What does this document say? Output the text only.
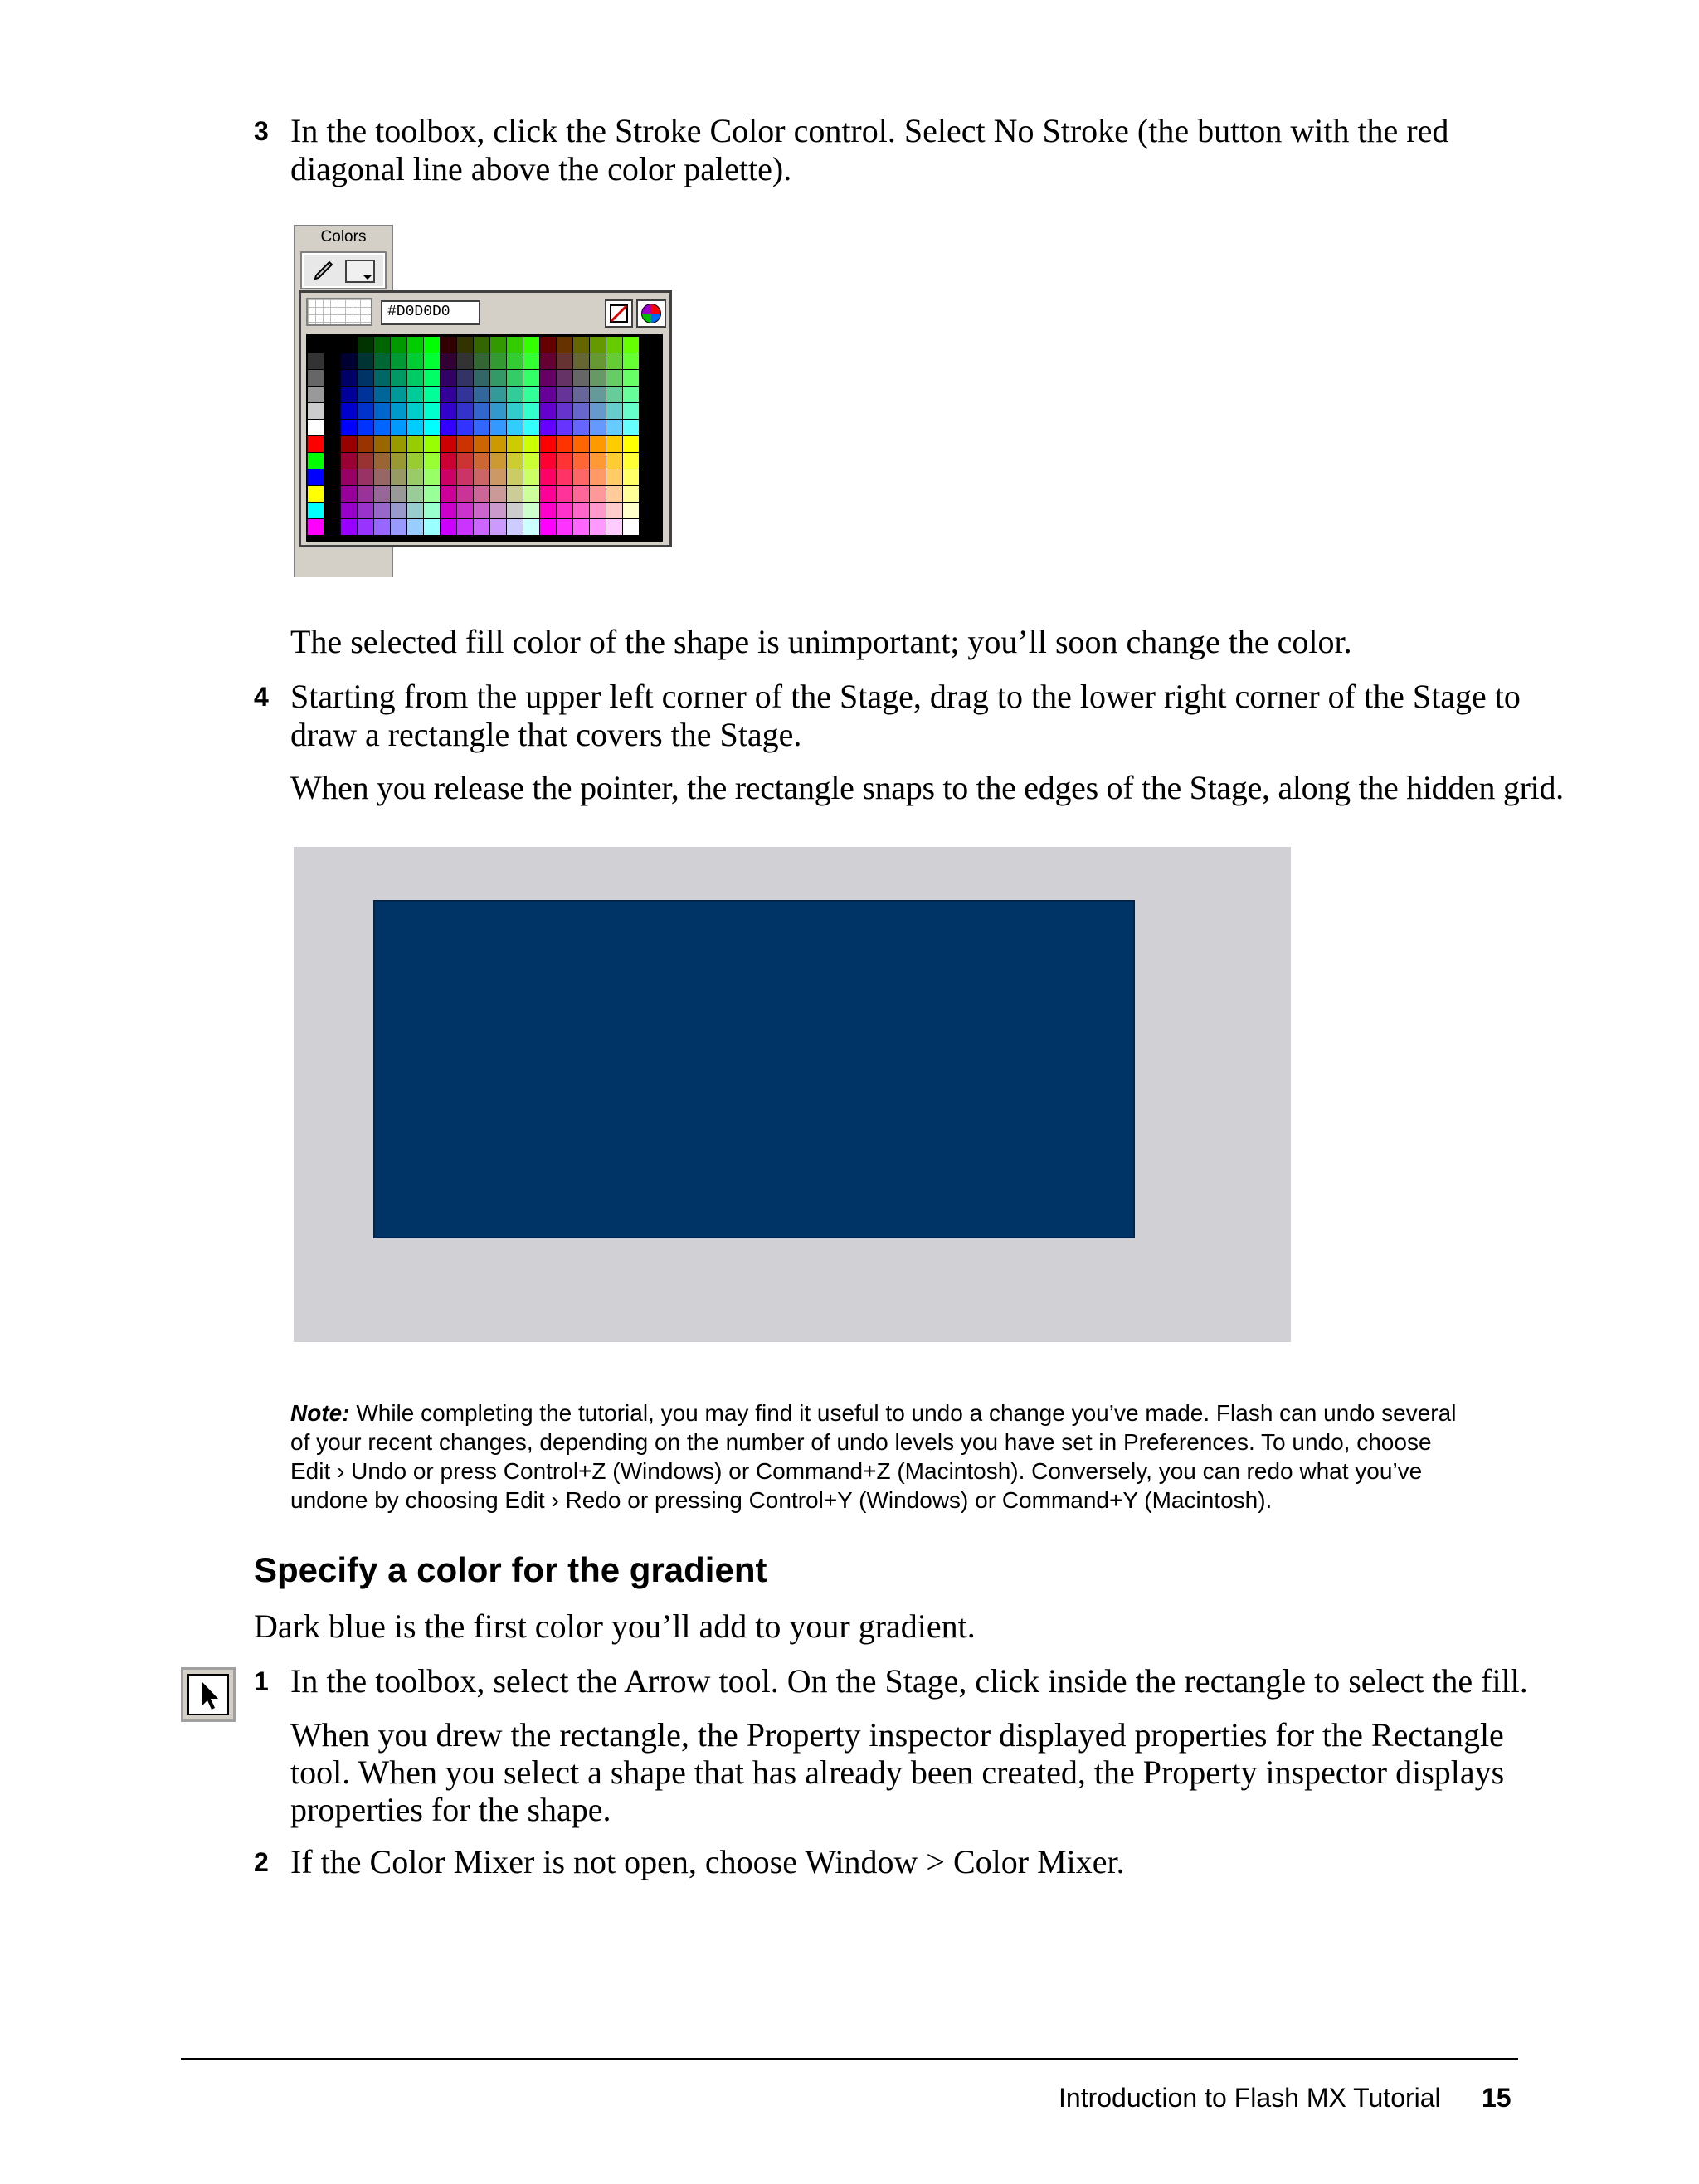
3 In the toolbox, click the Stroke Color control. Select No Stroke (the button with the red
diagonal line above the color palette).
Colors
#D0D0D0
The selected fill color of the shape is unimportant; you’ll soon change the color.
4 Starting from the upper left corner of the Stage, drag to the lower right corner of the Stage to
draw a rectangle that covers the Stage.
When you release the pointer, the rectangle snaps to the edges of the Stage, along the hidden grid.
Note: While completing the tutorial, you may find it useful to undo a change you’ve made. Flash can undo several
of your recent changes, depending on the number of undo levels you have set in Preferences. To undo, choose
Edit › Undo or press Control+Z (Windows) or Command+Z (Macintosh). Conversely, you can redo what you’ve
undone by choosing Edit › Redo or pressing Control+Y (Windows) or Command+Y (Macintosh).
Specify a color for the gradient
Dark blue is the first color you’ll add to your gradient.
1 In the toolbox, select the Arrow tool. On the Stage, click inside the rectangle to select the fill.
When you drew the rectangle, the Property inspector displayed properties for the Rectangle
tool. When you select a shape that has already been created, the Property inspector displays
properties for the shape.
2 If the Color Mixer is not open, choose Window > Color Mixer.
Introduction to Flash MX Tutorial 15
